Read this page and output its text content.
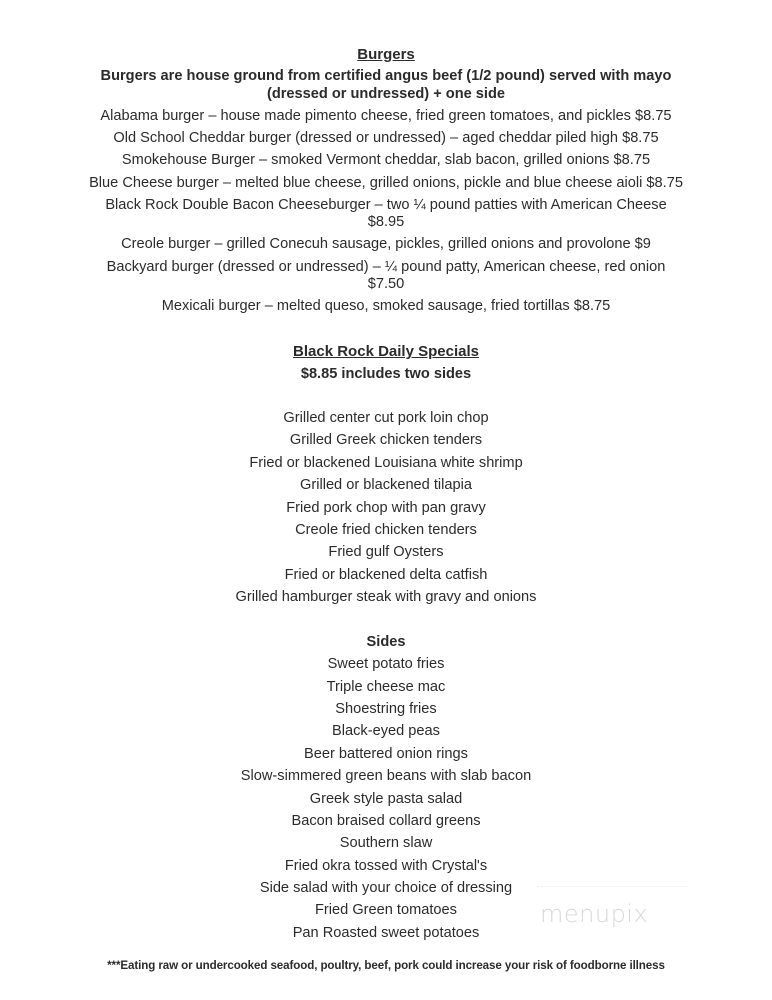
Burgers
Burgers are house ground from certified angus beef (1/2 pound) served with mayo
(dressed or undressed) + one side
Alabama burger – house made pimento cheese, fried green tomatoes, and pickles $8.75
Old School Cheddar burger (dressed or undressed) – aged cheddar piled high $8.75
Smokehouse Burger – smoked Vermont cheddar, slab bacon, grilled onions $8.75
Blue Cheese burger – melted blue cheese, grilled onions, pickle and blue cheese aioli $8.75
Black Rock Double Bacon Cheeseburger – two ¼ pound patties with American Cheese
$8.95
Creole burger – grilled Conecuh sausage, pickles, grilled onions and provolone $9
Backyard burger (dressed or undressed) – ¼ pound patty, American cheese, red onion
$7.50
Mexicali burger – melted queso, smoked sausage, fried tortillas $8.75
Black Rock Daily Specials
$8.85 includes two sides
Grilled center cut pork loin chop
Grilled Greek chicken tenders
Fried or blackened Louisiana white shrimp
Grilled or blackened tilapia
Fried pork chop with pan gravy
Creole fried chicken tenders
Fried gulf Oysters
Fried or blackened delta catfish
Grilled hamburger steak with gravy and onions
Sides
Sweet potato fries
Triple cheese mac
Shoestring fries
Black-eyed peas
Beer battered onion rings
Slow-simmered green beans with slab bacon
Greek style pasta salad
Bacon braised collard greens
Southern slaw
Fried okra tossed with Crystal's
Side salad with your choice of dressing
Fried Green tomatoes
Pan Roasted sweet potatoes
***Eating raw or undercooked seafood, poultry, beef, pork could increase your risk of foodborne illness
menupix
